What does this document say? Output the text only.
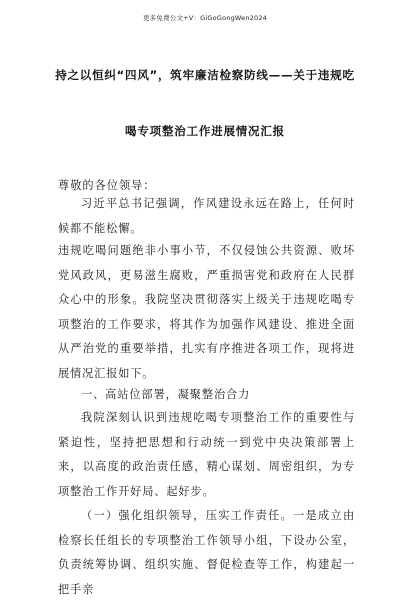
更多免费公文+V：GiGoGongWen2024
持之以恒纠“四风”，筑牢廉洁检察防线——关于违规吃
喝专项整治工作进展情况汇报
尊敬的各位领导：

习近平总书记强调，作风建设永远在路上，任何时候都不能松懈。

违规吃喝问题绝非小事小节，不仅侵蚀公共资源、败坏党风政风，更易滋生腐败，严重损害党和政府在人民群众心中的形象。我院坚决贯彻落实上级关于违规吃喝专项整治的工作要求，将其作为加强作风建设、推进全面从严治党的重要举措，扎实有序推进各项工作，现将进展情况汇报如下。

一、高站位部署，凝聚整治合力

我院深刻认识到违规吃喝专项整治工作的重要性与紧迫性，坚持把思想和行动统一到党中央决策部署上来，以高度的政治责任感，精心谋划、周密组织，为专项整治工作开好局、起好步。

（一）强化组织领导，压实工作责任。一是成立由检察长任组长的专项整治工作领导小组，下设办公室，负责统筹协调、组织实施、督促检查等工作，构建起一把手亲
